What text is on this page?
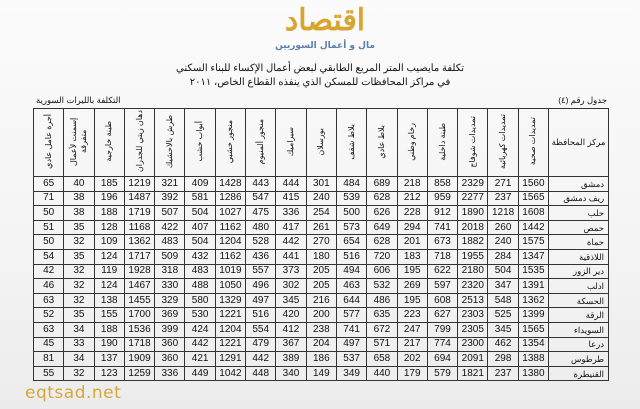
اقتصاد
مال و أعمال السوريين
تكلفة مايصيب المتر المربع الطابقي لبعض أعمال الإكساء للبناء السكني
في مراكز المحافظات للمسكن الذي ينفذه القطاع الخاص، ٢٠١١
جدول رقم (٤)
التكلفة بالليرات السورية
أجرة عامل عادي	إسمنت لأعمال متفرقة	طينة خارجية	دهان زيتي للجدران	طرش بالاحشيك	أبواب خشب	منجور خشبي	منجور ألمنيوم	سيراميك	بورسلان	بلاط شقف	بلاط عادي	رخام وطني	طينة داخلية	تمديدات شوفاج	تمديدات كهربائية	تمديدات صحية	مركز المحافظة
65	40	185	1219	321	409	1428	443	444	301	484	689	218	858	2329	271	1560	دمشق
71	38	196	1487	392	581	1286	547	415	240	539	628	212	959	2277	237	1565	ريف دمشق
50	38	188	1719	507	504	1027	475	336	254	500	626	228	912	1890	1218	1608	حلب
51	35	128	1168	422	407	1162	480	417	261	573	649	294	741	2018	260	1442	حمص
50	32	109	1362	483	504	1204	528	442	270	654	628	201	673	1882	240	1575	حماة
54	35	124	1717	509	432	1162	436	441	180	516	720	183	718	1955	284	1347	اللاذقية
42	32	119	1928	318	483	1019	557	373	205	494	606	195	622	2180	504	1535	دير الزور
46	32	124	1467	330	488	1050	496	302	205	463	532	269	597	2320	347	1391	ادلب
63	32	138	1455	329	580	1329	497	345	216	644	486	195	608	2513	548	1362	الحسكة
52	35	155	1700	369	530	1221	516	420	200	577	635	223	627	2303	525	1399	الرقة
63	34	188	1536	399	424	1204	554	412	238	741	672	247	799	2305	345	1565	السويداء
45	33	190	1718	360	442	1221	479	367	204	497	571	217	774	2300	462	1354	درعا
81	34	137	1909	360	421	1291	442	389	186	537	658	202	694	2091	298	1388	طرطوس
55	32	123	1259	336	449	1042	448	340	149	349	440	179	579	1821	237	1380	القنيطرة
eqtsad.net
